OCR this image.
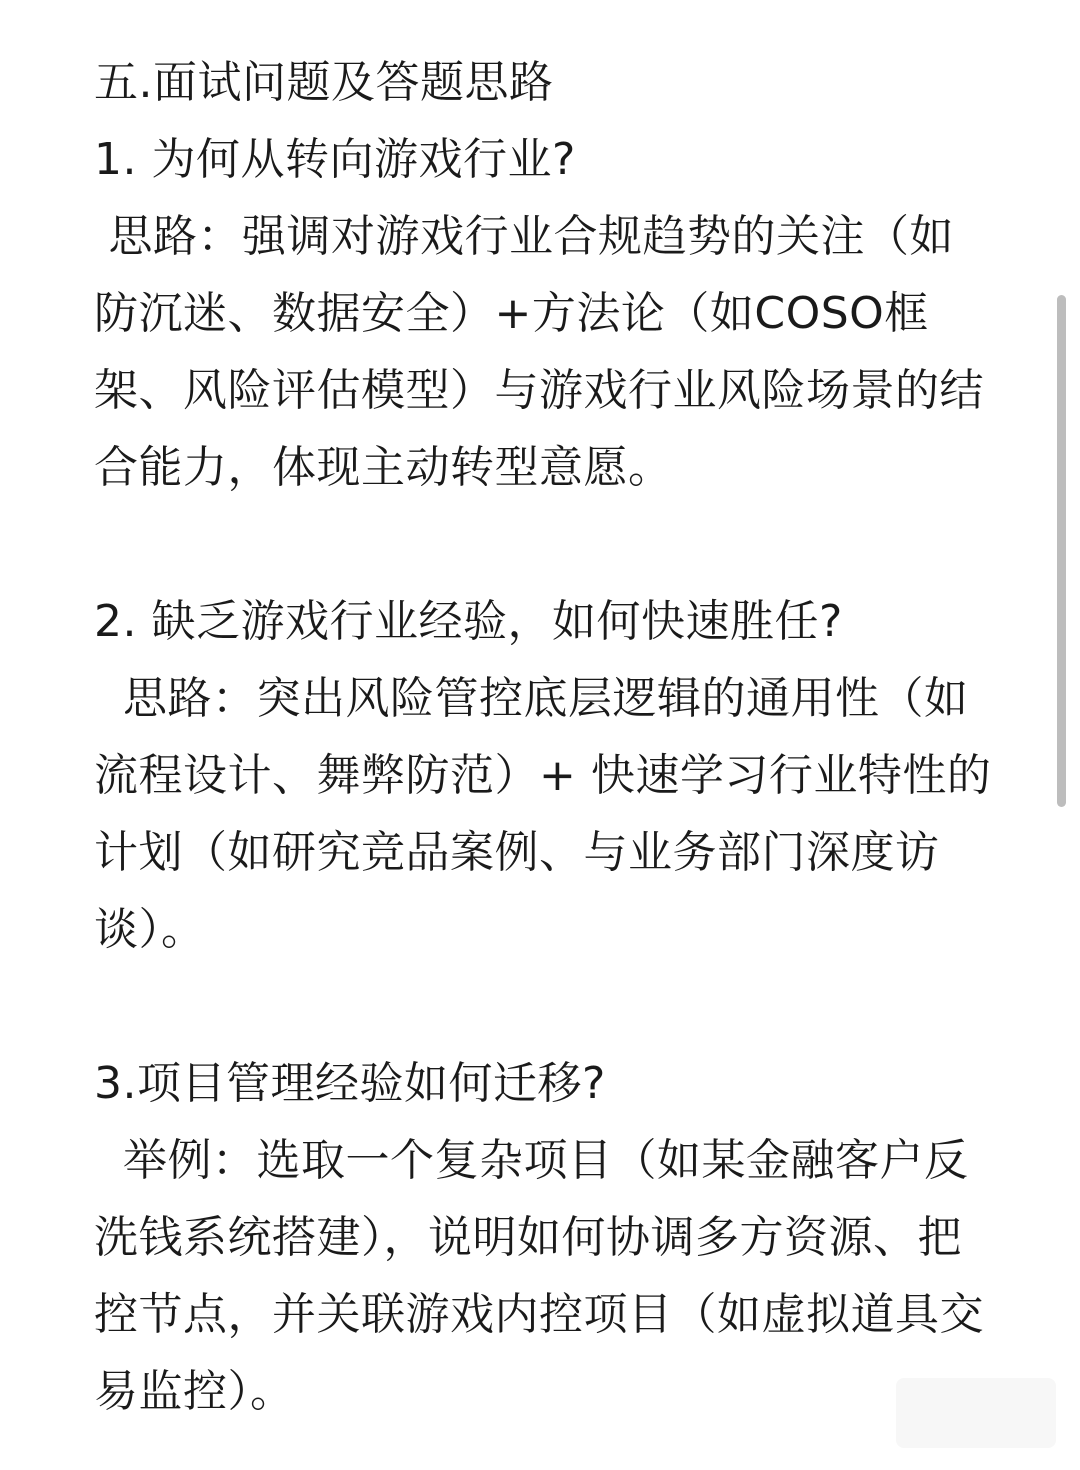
五.面试问题及答题思路

1. 为何从转向游戏行业?

思路：强调对游戏行业合规趋势的关注（如

防沉迷、数据安全）+方法论（如COSO框

架、风险评估模型）与游戏行业风险场景的结

合能力，体现主动转型意愿。

2. 缺乏游戏行业经验，如何快速胜任?

思路：突出风险管控底层逻辑的通用性（如

流程设计、舞弊防范）+ 快速学习行业特性的

计划（如研究竞品案例、与业务部门深度访

谈）。

3.项目管理经验如何迁移?

举例：选取一个复杂项目（如某金融客户反

洗钱系统搭建），说明如何协调多方资源、把

控节点，并关联游戏内控项目（如虚拟道具交

易监控）。
